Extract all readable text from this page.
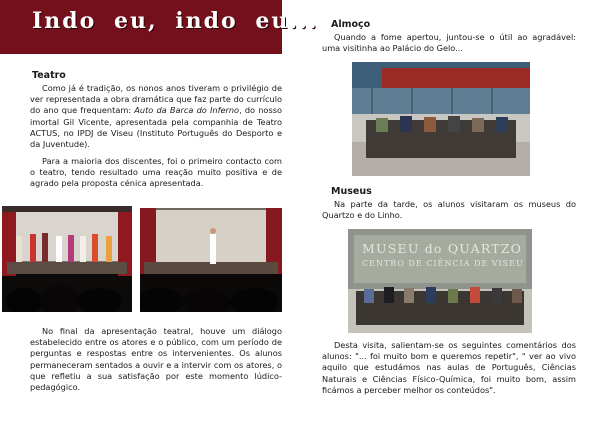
Indo eu, indo eu...
Teatro

Como já é tradição, os nonos anos tiveram o privilégio de ver representada a obra dramática que faz parte do currículo do ano que frequentam: Auto da Barca do Inferno, do nosso imortal Gil Vicente, apresentada pela companhia de Teatro ACTUS, no IPDJ de Viseu (Instituto Português do Desporto e da Juventude).

Para a maioria dos discentes, foi o primeiro contacto com o teatro, tendo resultado uma reação muito positiva e de agrado pela proposta cénica apresentada.

No final da apresentação teatral, houve um diálogo estabelecido entre os atores e o público, com um período de perguntas e respostas entre os intervenientes. Os alunos permaneceram sentados a ouvir e a intervir com os atores, o que refletiu a sua satisfação por este momento lúdico-pedagógico.

Almoço

Quando a fome apertou, juntou-se o útil ao agradável: uma visitinha ao Palácio do Gelo...

Museus

Na parte da tarde, os alunos visitaram os museus do Quartzo e do Linho.

MUSEU do QUARTZO
CENTRO DE CIÊNCIA DE VISEU

Desta visita, salientam-se os seguintes comentários dos alunos: "... foi muito bom e queremos repetir", " ver ao vivo aquilo que estudámos nas aulas de Português, Ciências Naturais e Ciências Físico-Química, foi muito bom, assim ficámos a perceber melhor os conteúdos".
